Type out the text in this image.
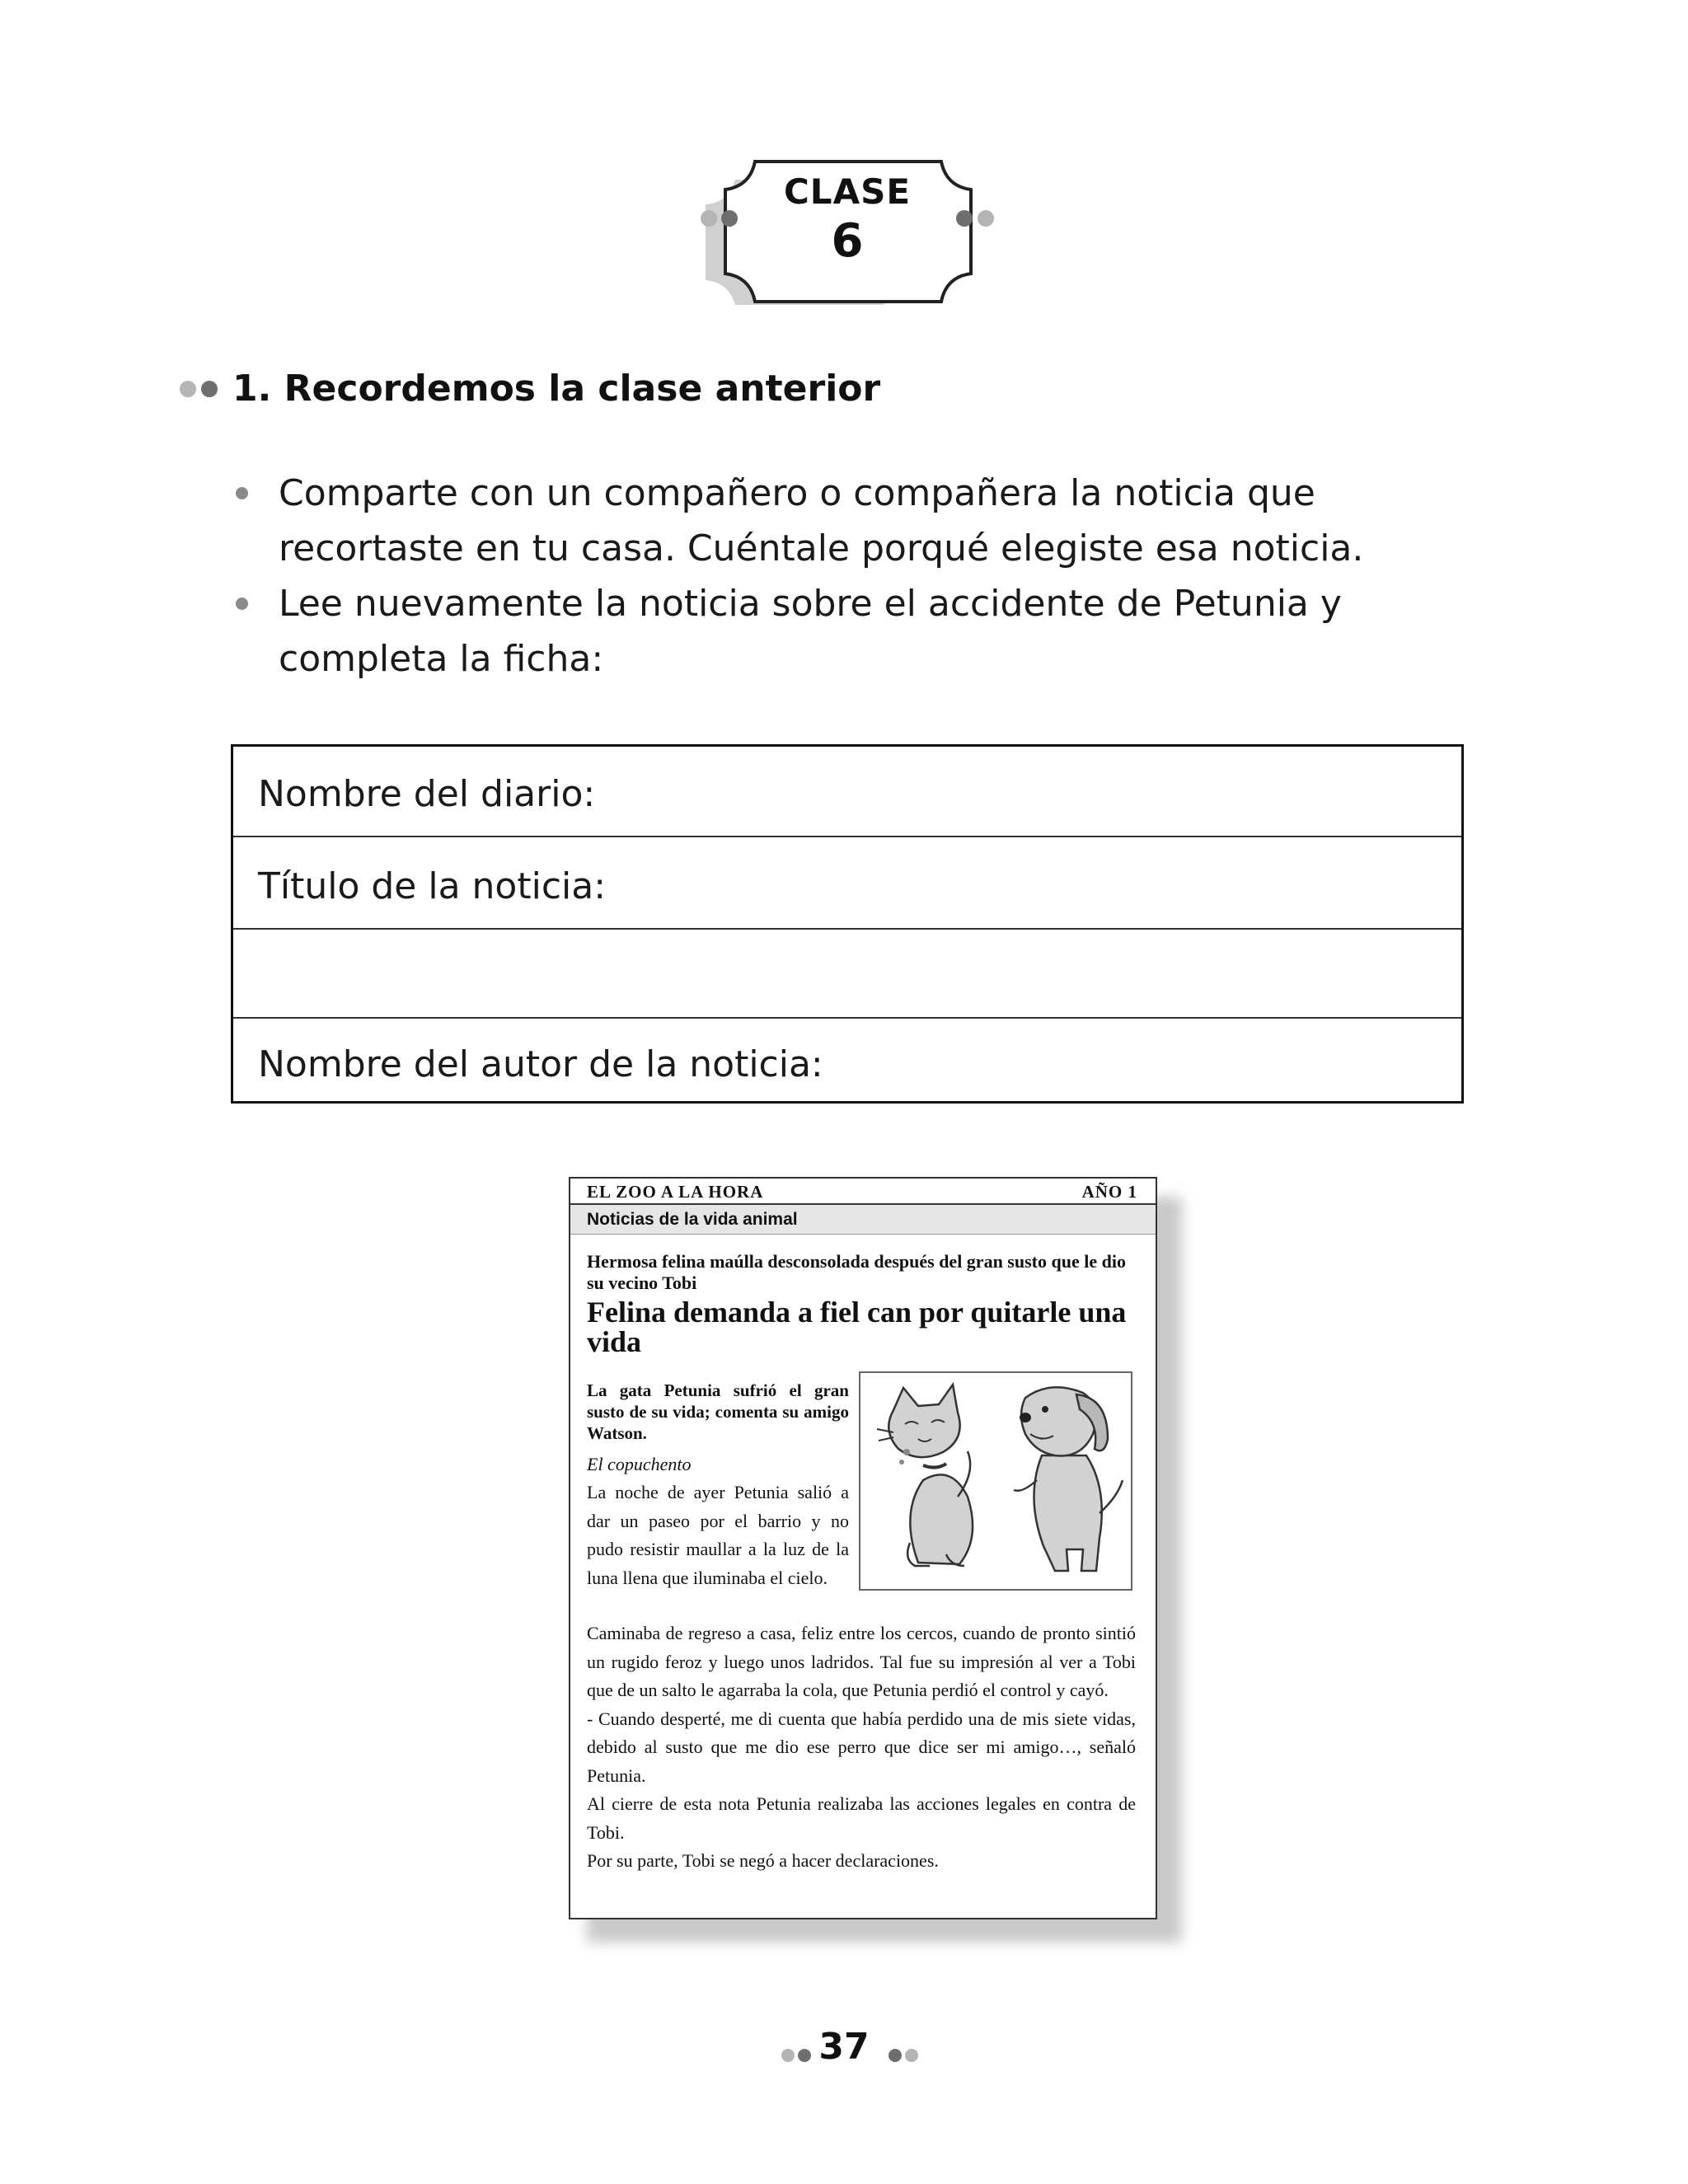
CLASE
6
1. Recordemos la clase anterior
Comparte con un compañero o compañera la noticia que recortaste en tu casa. Cuéntale porqué elegiste esa noticia.
Lee nuevamente la noticia sobre el accidente de Petunia y completa la ficha:
Nombre del diario:
Título de la noticia:
Nombre del autor de la noticia:
EL ZOO A LA HORA	AÑO 1
Noticias de la vida animal
Hermosa felina maúlla desconsolada después del gran susto que le dio su vecino Tobi
Felina demanda a fiel can por quitarle una vida
La gata Petunia sufrió el gran susto de su vida; comenta su amigo Watson.
El copuchento
La noche de ayer Petunia salió a dar un paseo por el barrio y no pudo resistir maullar a la luz de la luna llena que iluminaba el cielo.

Caminaba de regreso a casa, feliz entre los cercos, cuando de pronto sintió un rugido feroz y luego unos ladridos. Tal fue su impresión al ver a Tobi que de un salto le agarraba la cola, que Petunia perdió el control y cayó.

- Cuando desperté, me di cuenta que había perdido una de mis siete vidas, debido al susto que me dio ese perro que dice ser mi amigo…, señaló Petunia.

Al cierre de esta nota Petunia realizaba las acciones legales en contra de Tobi.

Por su parte, Tobi se negó a hacer declaraciones.

37
